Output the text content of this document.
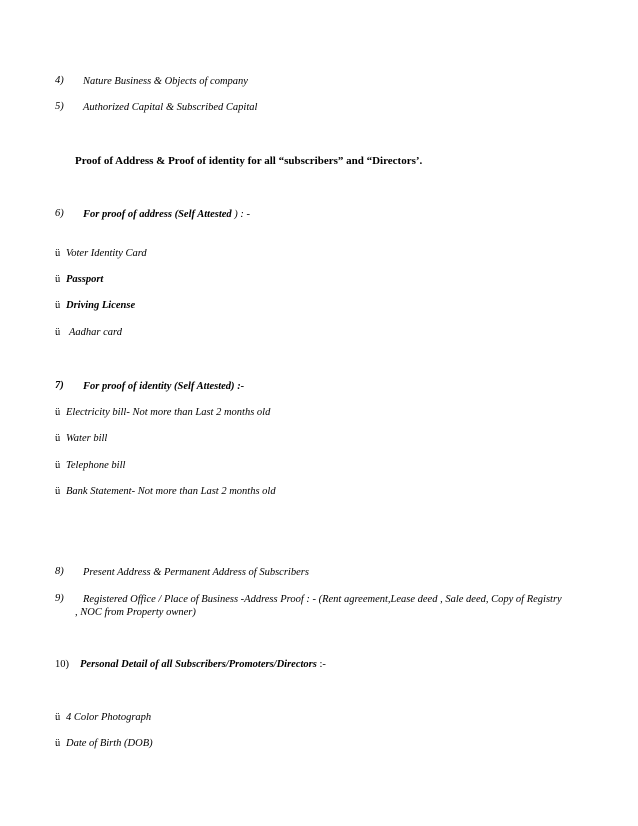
4) Nature Business & Objects of company
5) Authorized Capital & Subscribed Capital
Proof of Address & Proof of identity for all “subscribers” and “Directors’.
6) For proof of address (Self Attested ) : -
ü Voter Identity Card
ü Passport
ü Driving License
ü Aadhar card
7) For proof of identity (Self Attested) :-
ü Electricity bill- Not more than Last 2 months old
ü Water bill
ü Telephone bill
ü Bank Statement- Not more than Last 2 months old
8) Present Address & Permanent Address of Subscribers
9) Registered Office / Place of Business -Address Proof : - (Rent agreement,Lease deed , Sale deed, Copy of Registry
, NOC from Property owner)
10) Personal Detail of all Subscribers/Promoters/Directors :-
ü 4 Color Photograph
ü Date of Birth (DOB)
